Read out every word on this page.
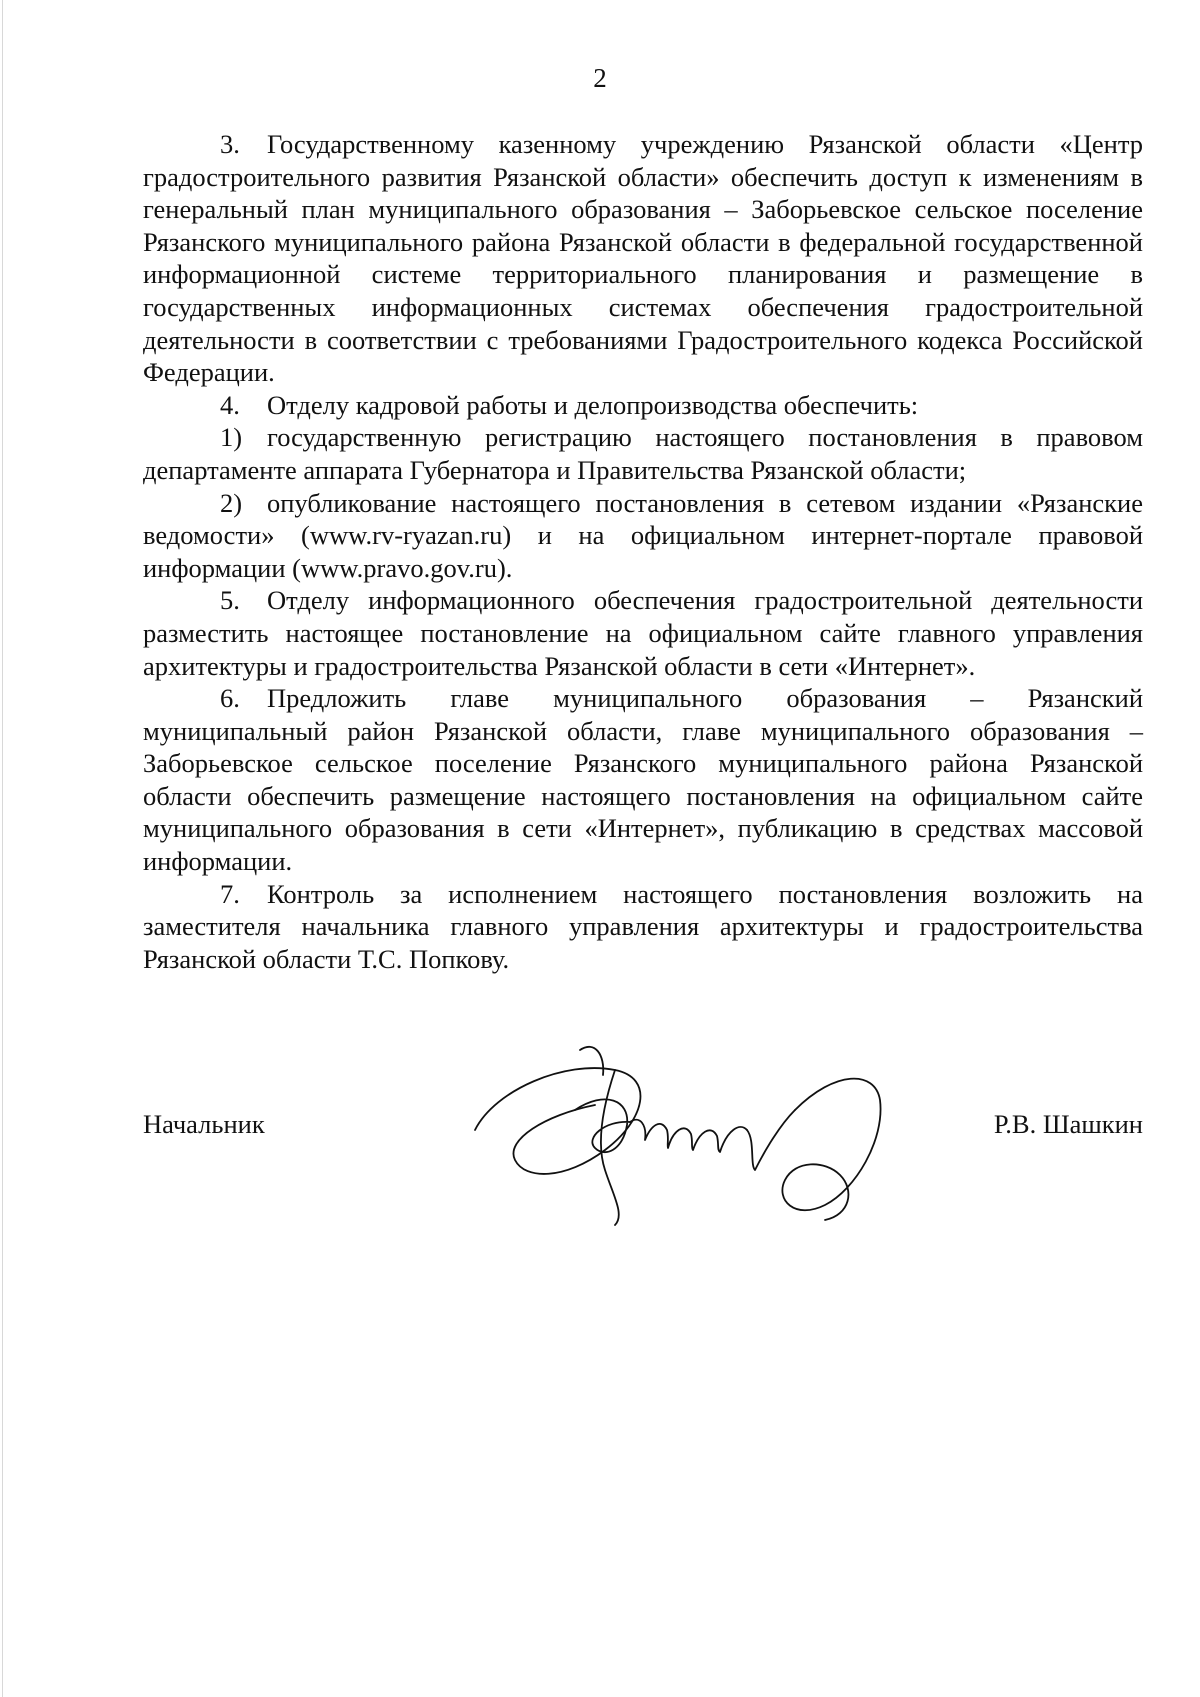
2

3. Государственному казенному учреждению Рязанской области «Центр градостроительного развития Рязанской области» обеспечить доступ к изменениям в генеральный план муниципального образования – Заборьевское сельское поселение Рязанского муниципального района Рязанской области в федеральной государственной информационной системе территориального планирования и размещение в государственных информационных системах обеспечения градостроительной деятельности в соответствии с требованиями Градостроительного кодекса Российской Федерации.

4. Отделу кадровой работы и делопроизводства обеспечить:

1) государственную регистрацию настоящего постановления в правовом департаменте аппарата Губернатора и Правительства Рязанской области;

2) опубликование настоящего постановления в сетевом издании «Рязанские ведомости» (www.rv-ryazan.ru) и на официальном интернет-портале правовой информации (www.pravo.gov.ru).

5. Отделу информационного обеспечения градостроительной деятельности разместить настоящее постановление на официальном сайте главного управления архитектуры и градостроительства Рязанской области в сети «Интернет».

6. Предложить главе муниципального образования – Рязанский муниципальный район Рязанской области, главе муниципального образования – Заборьевское сельское поселение Рязанского муниципального района Рязанской области обеспечить размещение настоящего постановления на официальном сайте муниципального образования в сети «Интернет», публикацию в средствах массовой информации.

7. Контроль за исполнением настоящего постановления возложить на заместителя начальника главного управления архитектуры и градостроительства Рязанской области Т.С. Попкову.

Начальник	Р.В. Шашкин
